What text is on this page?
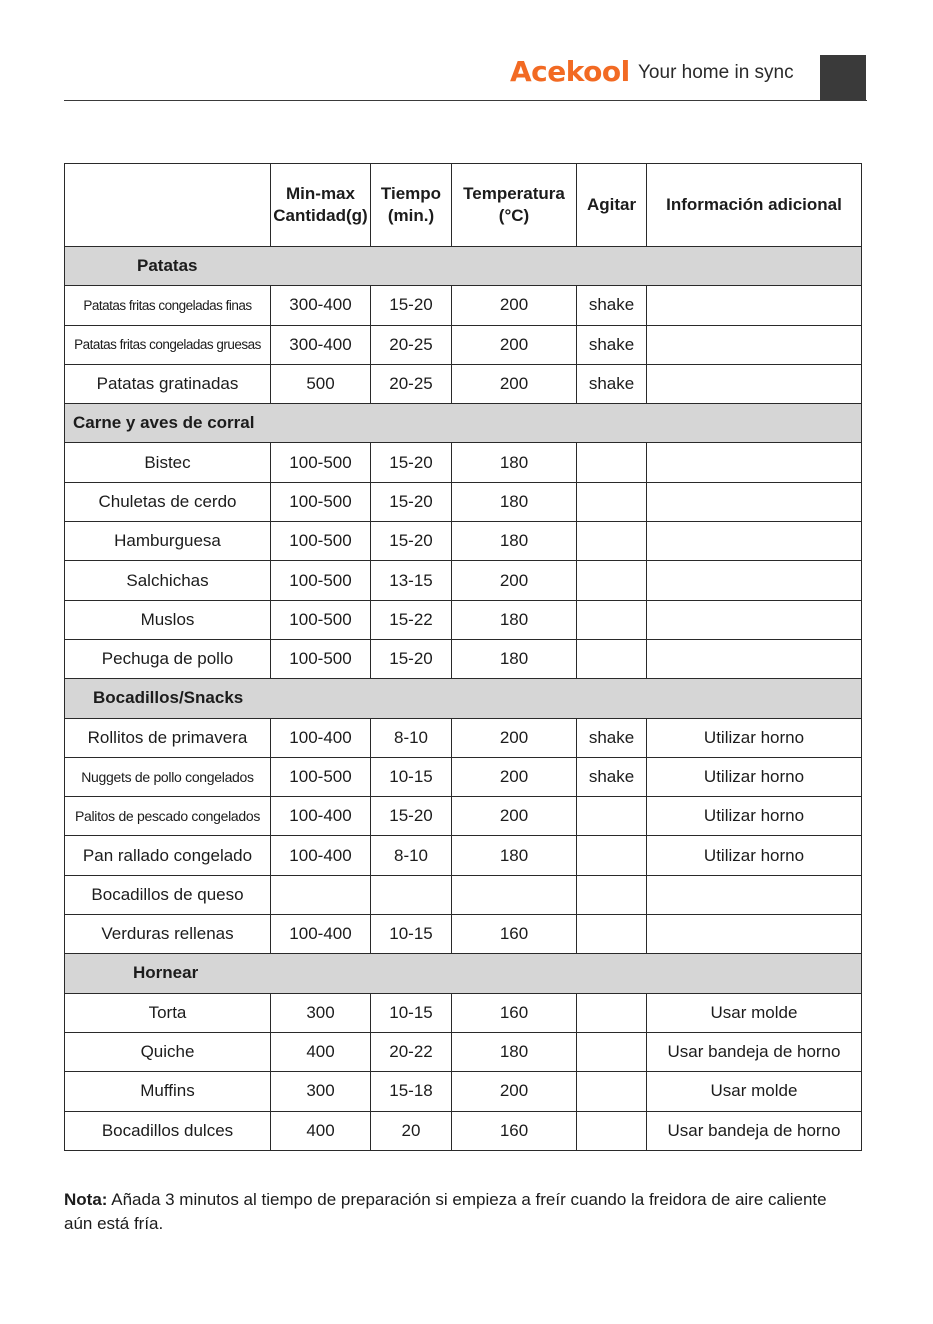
Acekool Your home in sync
	Min-max Cantidad(g)	Tiempo (min.)	Temperatura (°C)	Agitar	Información adicional
Patatas					
Patatas fritas congeladas finas	300-400	15-20	200	shake	
Patatas fritas congeladas gruesas	300-400	20-25	200	shake	
Patatas gratinadas	500	20-25	200	shake	
Carne y aves de corral					
Bistec	100-500	15-20	180		
Chuletas de cerdo	100-500	15-20	180		
Hamburguesa	100-500	15-20	180		
Salchichas	100-500	13-15	200		
Muslos	100-500	15-22	180		
Pechuga de pollo	100-500	15-20	180		
Bocadillos/Snacks					
Rollitos de primavera	100-400	8-10	200	shake	Utilizar horno
Nuggets de pollo congelados	100-500	10-15	200	shake	Utilizar horno
Palitos de pescado congelados	100-400	15-20	200		Utilizar horno
Pan rallado congelado	100-400	8-10	180		Utilizar horno
Bocadillos de queso					
Verduras rellenas	100-400	10-15	160		
Hornear					
Torta	300	10-15	160		Usar molde
Quiche	400	20-22	180		Usar bandeja de horno
Muffins	300	15-18	200		Usar molde
Bocadillos dulces	400	20	160		Usar bandeja de horno
Nota: Añada 3 minutos al tiempo de preparación si empieza a freír cuando la freidora de aire caliente aún está fría.
